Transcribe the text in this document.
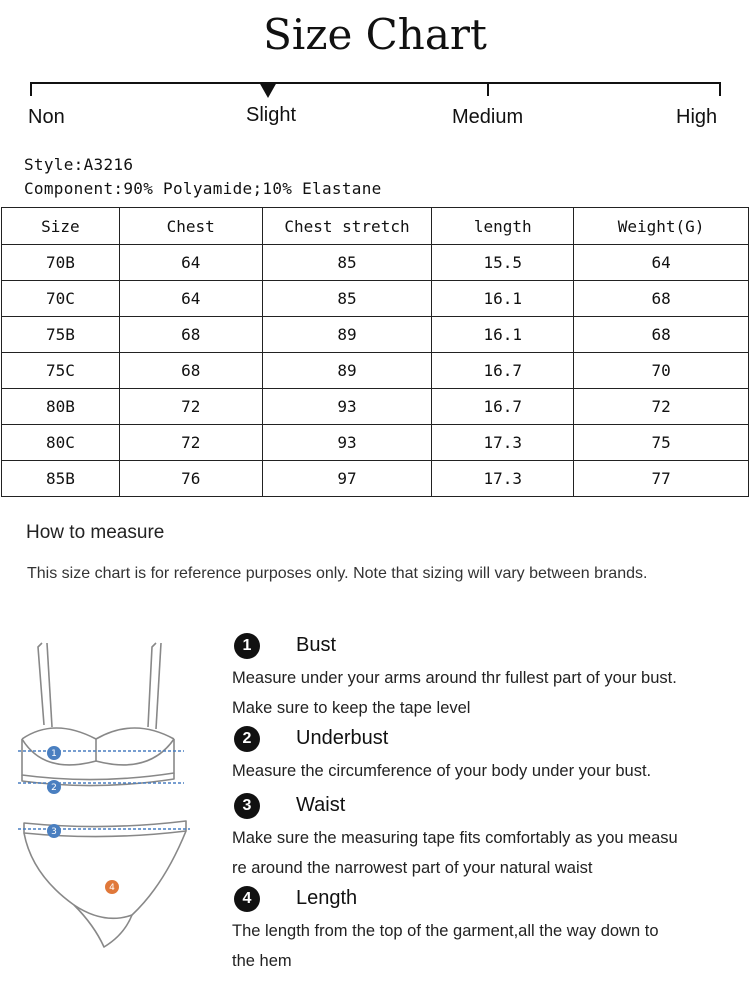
Size Chart
Non	Slight	Medium	High
Style:A3216
Component:90% Polyamide;10% Elastane
Size	Chest	Chest stretch	length	Weight(G)
70B	64	85	15.5	64
70C	64	85	16.1	68
75B	68	89	16.1	68
75C	68	89	16.7	70
80B	72	93	16.7	72
80C	72	93	17.3	75
85B	76	97	17.3	77
How to measure
This size chart is for reference purposes only. Note that sizing will vary between brands.
1
2
3
4
1	Bust
Measure under your arms around thr fullest part of your bust.
Make sure to keep the tape level
2	Underbust
Measure the circumference of your body under your bust.
3	Waist
Make sure the measuring tape fits comfortably as you measu
re around the narrowest part of your natural waist
4	Length
The length from the top of the garment,all the way down to
the hem
